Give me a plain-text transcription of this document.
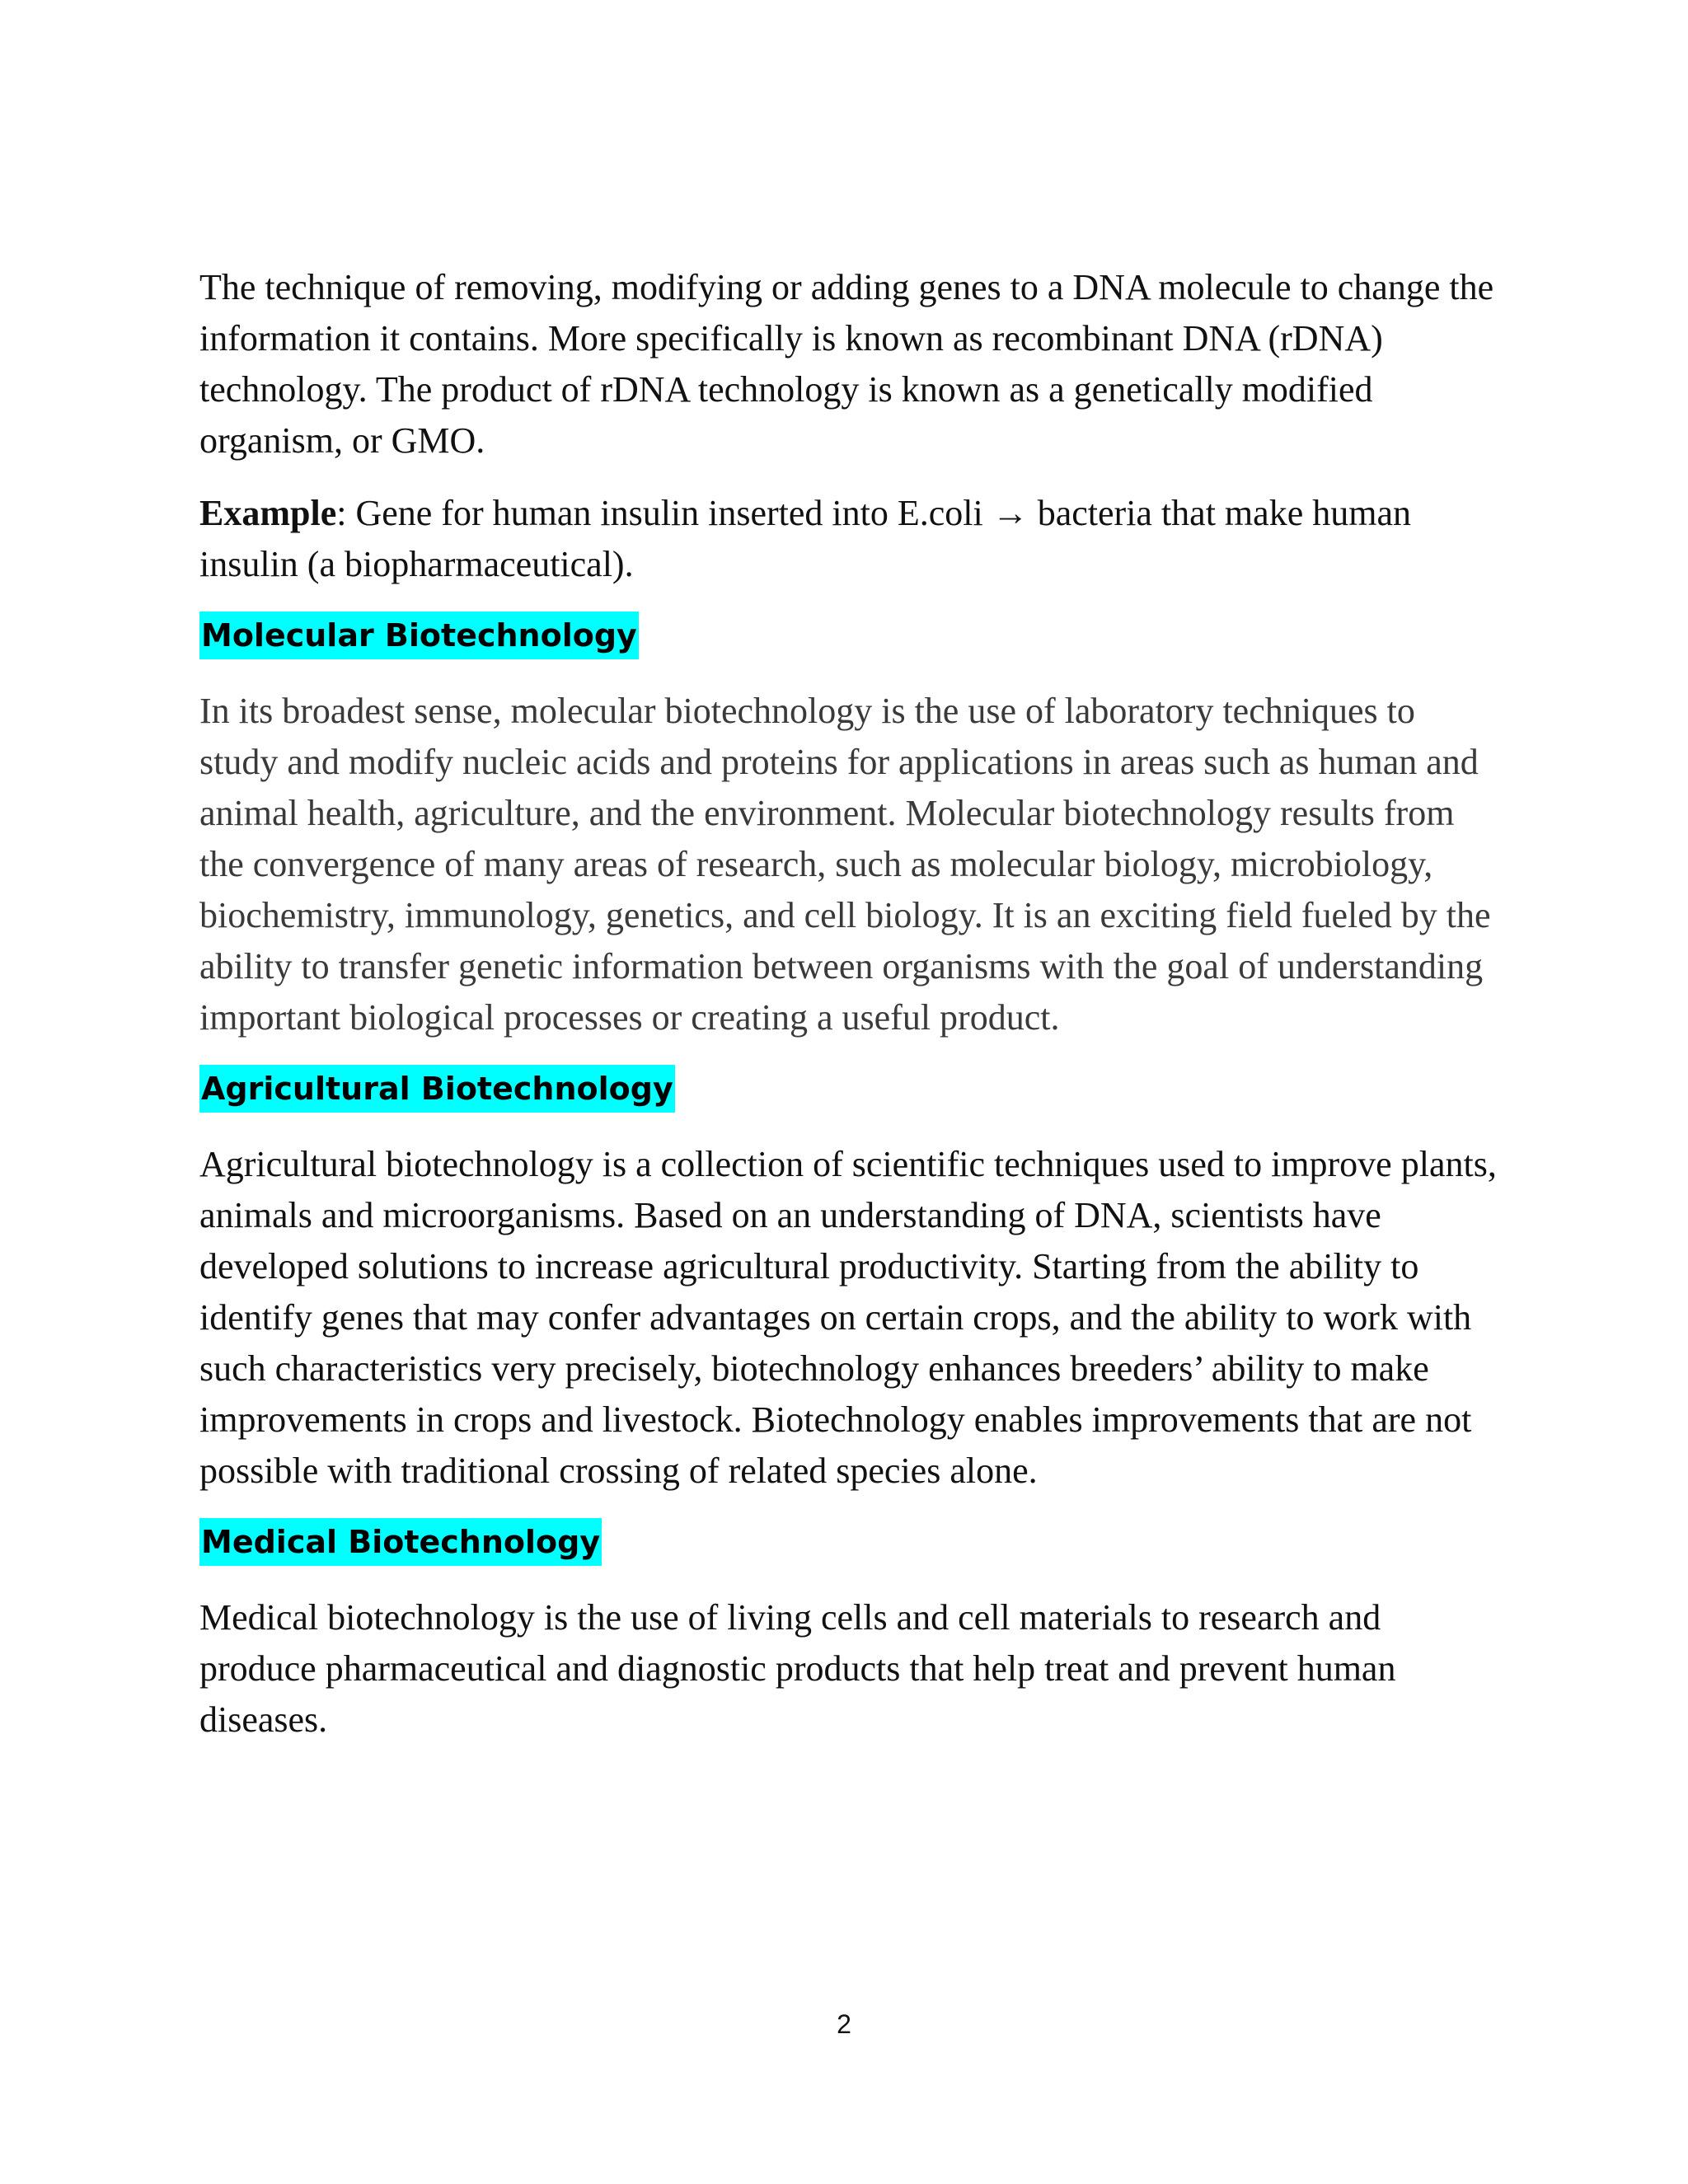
The technique of removing, modifying or adding genes to a DNA molecule to change the information it contains. More specifically is known as recombinant DNA (rDNA) technology. The product of rDNA technology is known as a genetically modified organism, or GMO.

Example: Gene for human insulin inserted into E.coli → bacteria that make human insulin (a biopharmaceutical).

Molecular Biotechnology

In its broadest sense, molecular biotechnology is the use of laboratory techniques to study and modify nucleic acids and proteins for applications in areas such as human and animal health, agriculture, and the environment. Molecular biotechnology results from the convergence of many areas of research, such as molecular biology, microbiology, biochemistry, immunology, genetics, and cell biology. It is an exciting field fueled by the ability to transfer genetic information between organisms with the goal of understanding important biological processes or creating a useful product.

Agricultural Biotechnology

Agricultural biotechnology is a collection of scientific techniques used to improve plants, animals and microorganisms. Based on an understanding of DNA, scientists have developed solutions to increase agricultural productivity. Starting from the ability to identify genes that may confer advantages on certain crops, and the ability to work with such characteristics very precisely, biotechnology enhances breeders’ ability to make improvements in crops and livestock. Biotechnology enables improvements that are not possible with traditional crossing of related species alone.

Medical Biotechnology

Medical biotechnology is the use of living cells and cell materials to research and produce pharmaceutical and diagnostic products that help treat and prevent human diseases.

2
